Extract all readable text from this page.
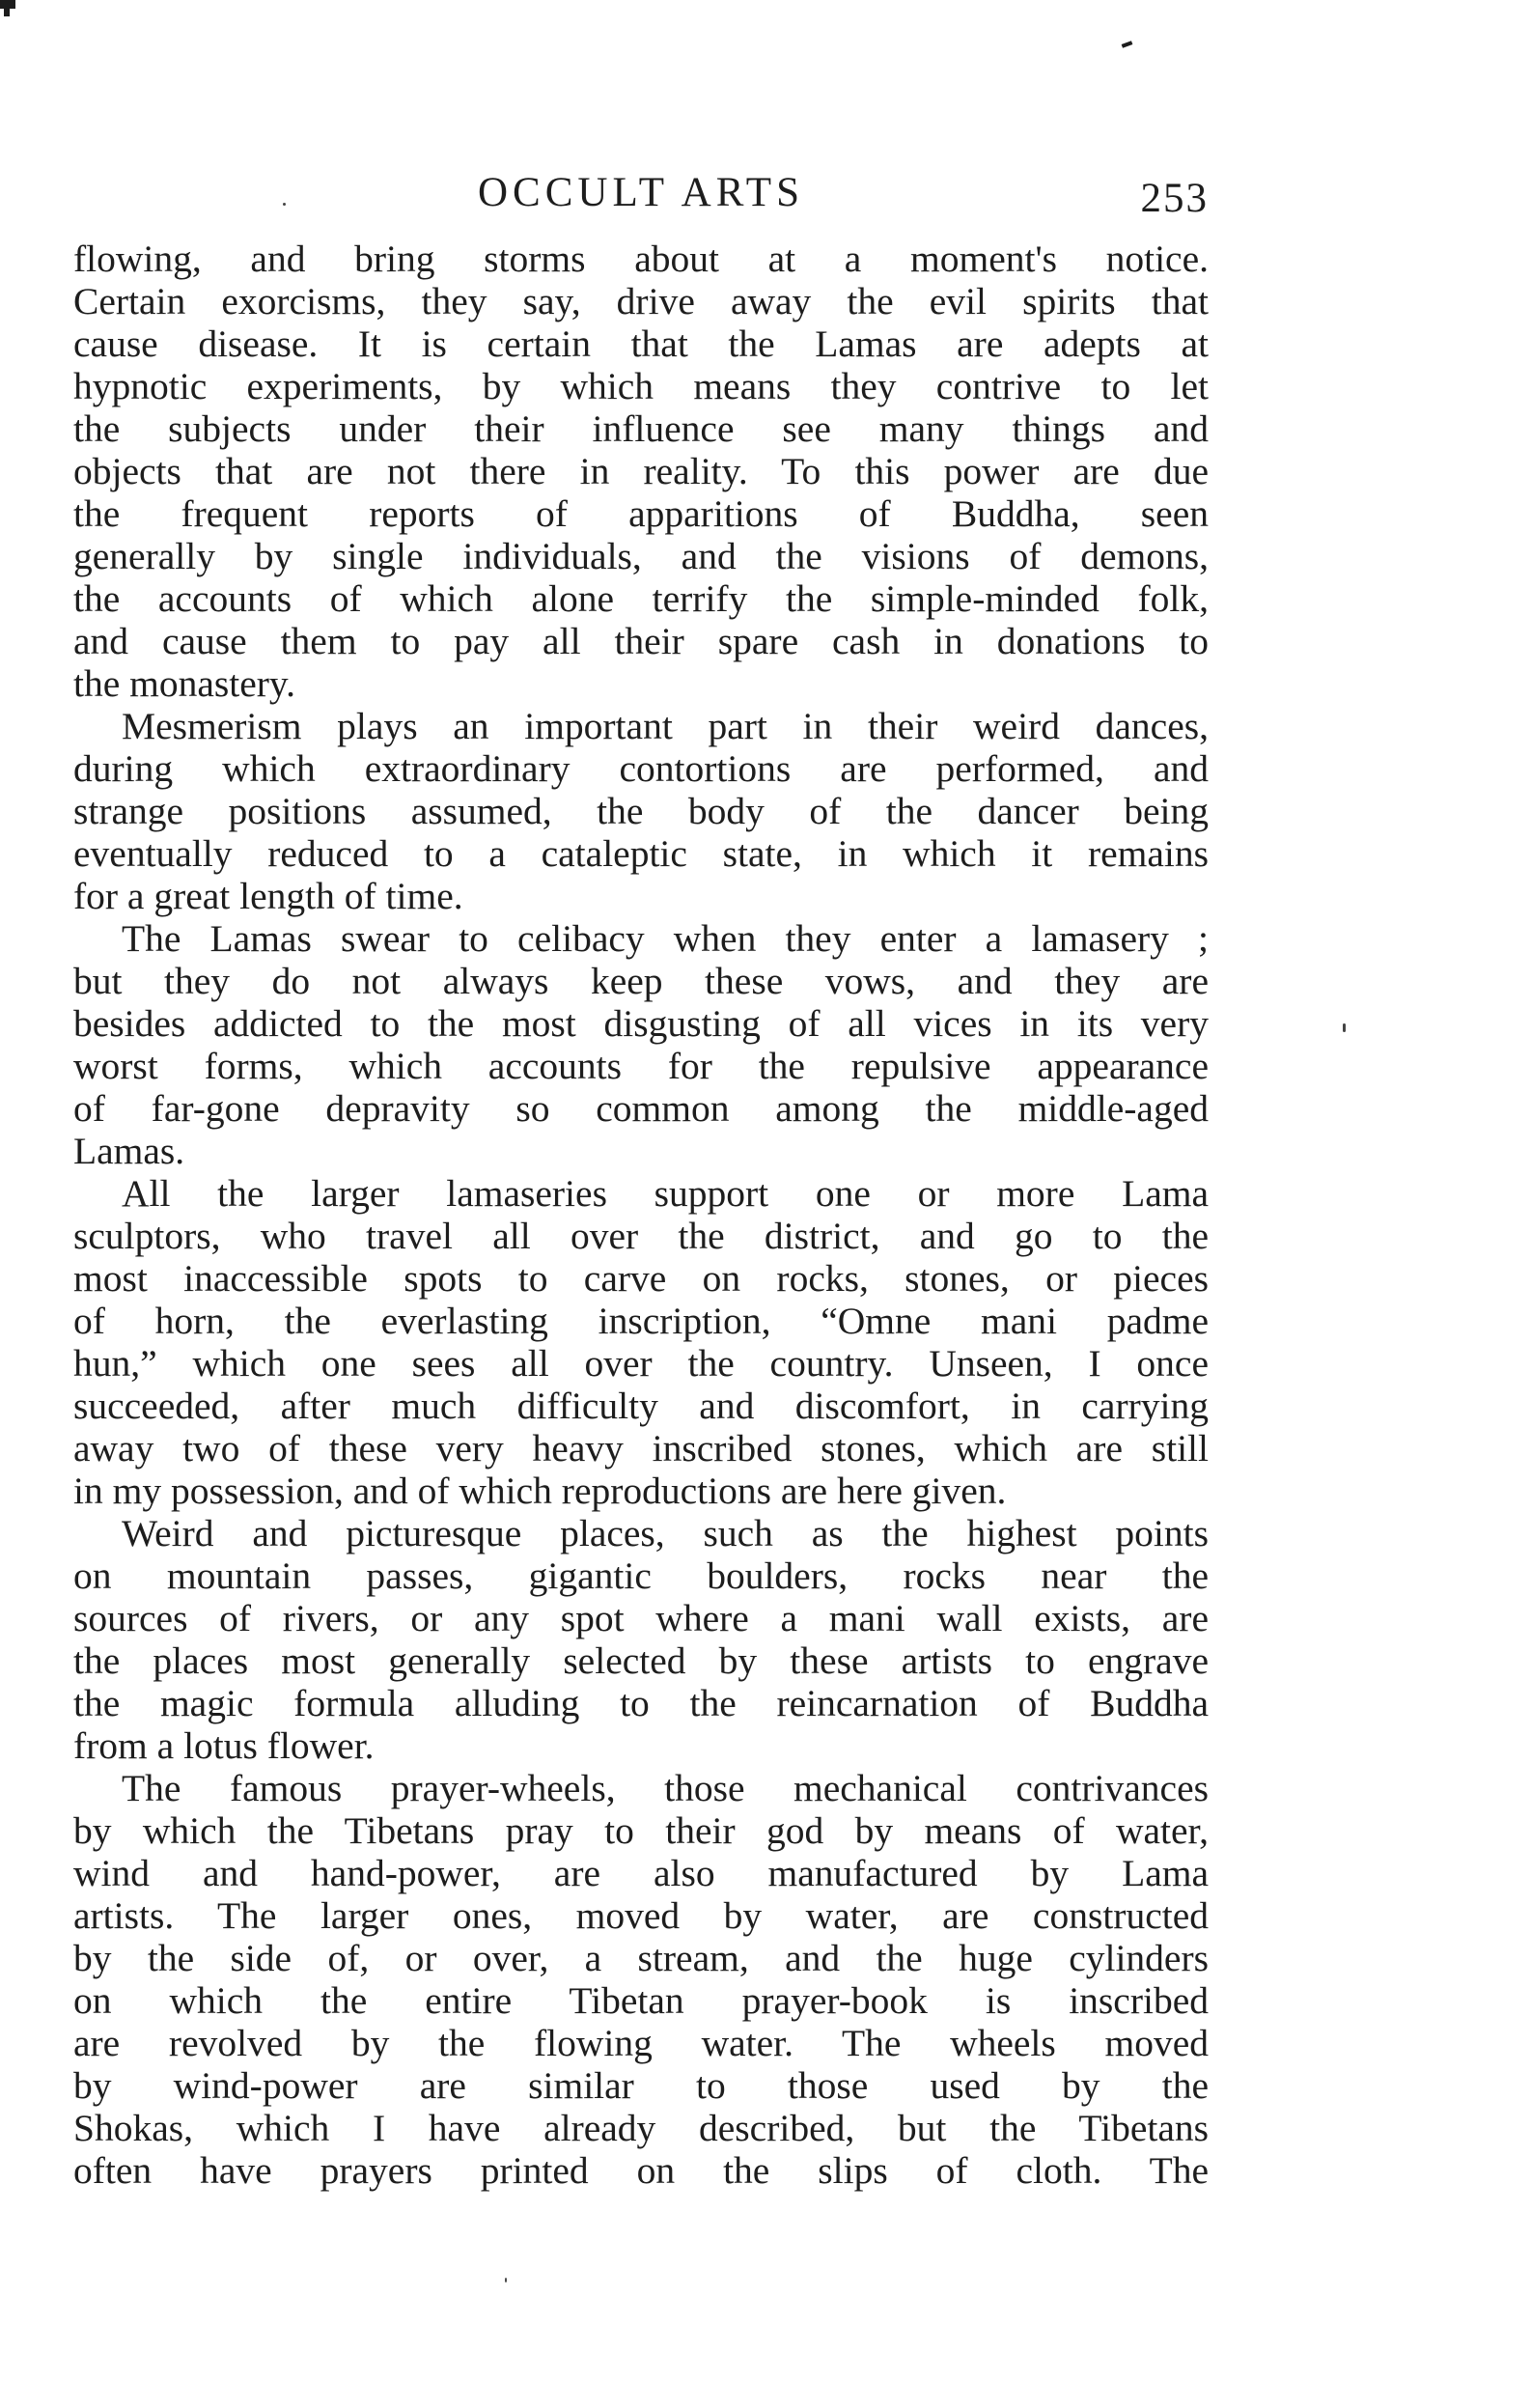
OCCULT ARTS	253
flowing, and bring storms about at a moment's notice.
Certain exorcisms, they say, drive away the evil spirits that
cause disease. It is certain that the Lamas are adepts at
hypnotic experiments, by which means they contrive to let
the subjects under their influence see many things and
objects that are not there in reality. To this power are due
the frequent reports of apparitions of Buddha, seen
generally by single individuals, and the visions of demons,
the accounts of which alone terrify the simple-minded folk,
and cause them to pay all their spare cash in donations to
the monastery.
Mesmerism plays an important part in their weird dances,
during which extraordinary contortions are performed, and
strange positions assumed, the body of the dancer being
eventually reduced to a cataleptic state, in which it remains
for a great length of time.
The Lamas swear to celibacy when they enter a lamasery ;
but they do not always keep these vows, and they are
besides addicted to the most disgusting of all vices in its very
worst forms, which accounts for the repulsive appearance
of far-gone depravity so common among the middle-aged
Lamas.
All the larger lamaseries support one or more Lama
sculptors, who travel all over the district, and go to the
most inaccessible spots to carve on rocks, stones, or pieces
of horn, the everlasting inscription, “Omne mani padme
hun,” which one sees all over the country. Unseen, I once
succeeded, after much difficulty and discomfort, in carrying
away two of these very heavy inscribed stones, which are still
in my possession, and of which reproductions are here given.
Weird and picturesque places, such as the highest points
on mountain passes, gigantic boulders, rocks near the
sources of rivers, or any spot where a mani wall exists, are
the places most generally selected by these artists to engrave
the magic formula alluding to the reincarnation of Buddha
from a lotus flower.
The famous prayer-wheels, those mechanical contrivances
by which the Tibetans pray to their god by means of water,
wind and hand-power, are also manufactured by Lama
artists. The larger ones, moved by water, are constructed
by the side of, or over, a stream, and the huge cylinders
on which the entire Tibetan prayer-book is inscribed
are revolved by the flowing water. The wheels moved
by wind-power are similar to those used by the
Shokas, which I have already described, but the Tibetans
often have prayers printed on the slips of cloth. The
